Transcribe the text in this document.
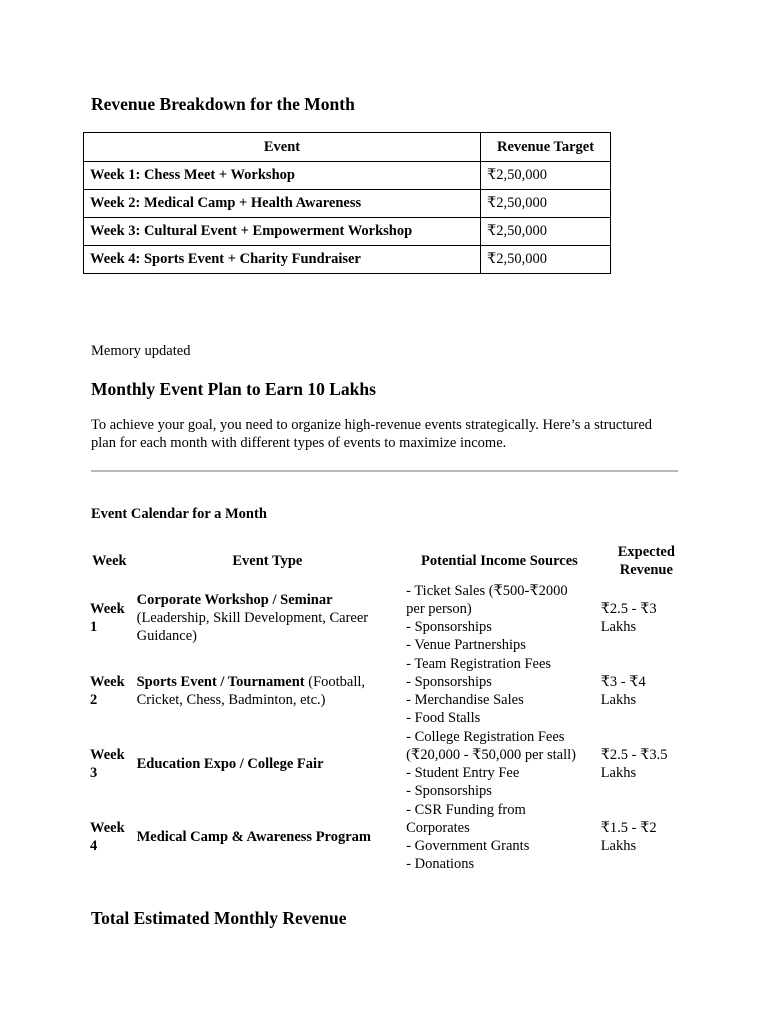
Revenue Breakdown for the Month
Event	Revenue Target
Week 1: Chess Meet + Workshop	₹2,50,000
Week 2: Medical Camp + Health Awareness	₹2,50,000
Week 3: Cultural Event + Empowerment Workshop	₹2,50,000
Week 4: Sports Event + Charity Fundraiser	₹2,50,000

Memory updated

Monthly Event Plan to Earn 10 Lakhs

To achieve your goal, you need to organize high-revenue events strategically. Here’s a structured
plan for each month with different types of events to maximize income.

Event Calendar for a Month
Week	Event Type	Potential Income Sources	Expected
Revenue

Week
1	Corporate Workshop / Seminar
(Leadership, Skill Development, Career
Guidance)	- Ticket Sales (₹500-₹2000
per person)
- Sponsorships
- Venue Partnerships	₹2.5 - ₹3
Lakhs

Week
2	Sports Event / Tournament (Football,
Cricket, Chess, Badminton, etc.)	- Team Registration Fees
- Sponsorships
- Merchandise Sales
- Food Stalls	₹3 - ₹4
Lakhs

Week
3	Education Expo / College Fair	- College Registration Fees
(₹20,000 - ₹50,000 per stall)
- Student Entry Fee
- Sponsorships	₹2.5 - ₹3.5
Lakhs

Week
4	Medical Camp & Awareness Program	- CSR Funding from
Corporates
- Government Grants
- Donations	₹1.5 - ₹2
Lakhs
Total Estimated Monthly Revenue
